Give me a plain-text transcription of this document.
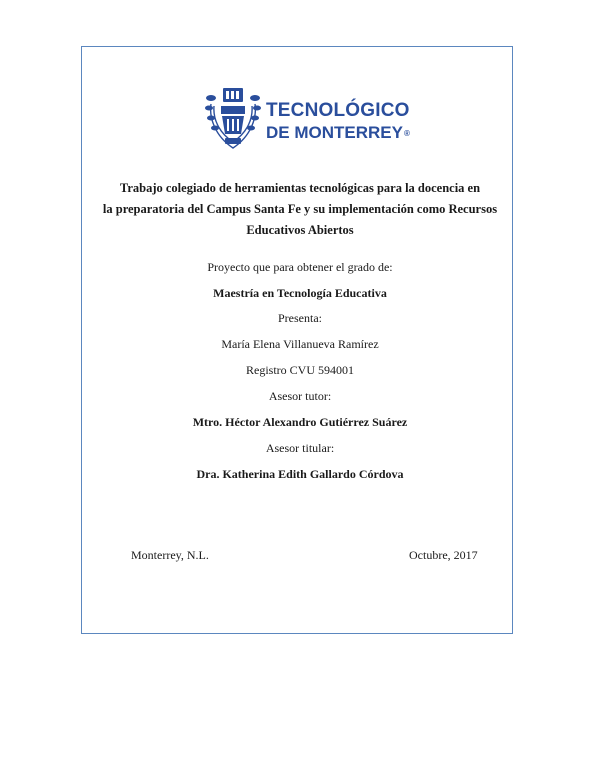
TECNOLÓGICO
DE MONTERREY®
Trabajo colegiado de herramientas tecnológicas para la docencia en
la preparatoria del Campus Santa Fe y su implementación como Recursos
Educativos Abiertos
Proyecto que para obtener el grado de:
Maestría en Tecnología Educativa
Presenta:
María Elena Villanueva Ramírez
Registro CVU 594001
Asesor tutor:
Mtro. Héctor Alexandro Gutiérrez Suárez
Asesor titular:
Dra. Katherina Edith Gallardo Córdova
Monterrey, N.L.	Octubre, 2017
